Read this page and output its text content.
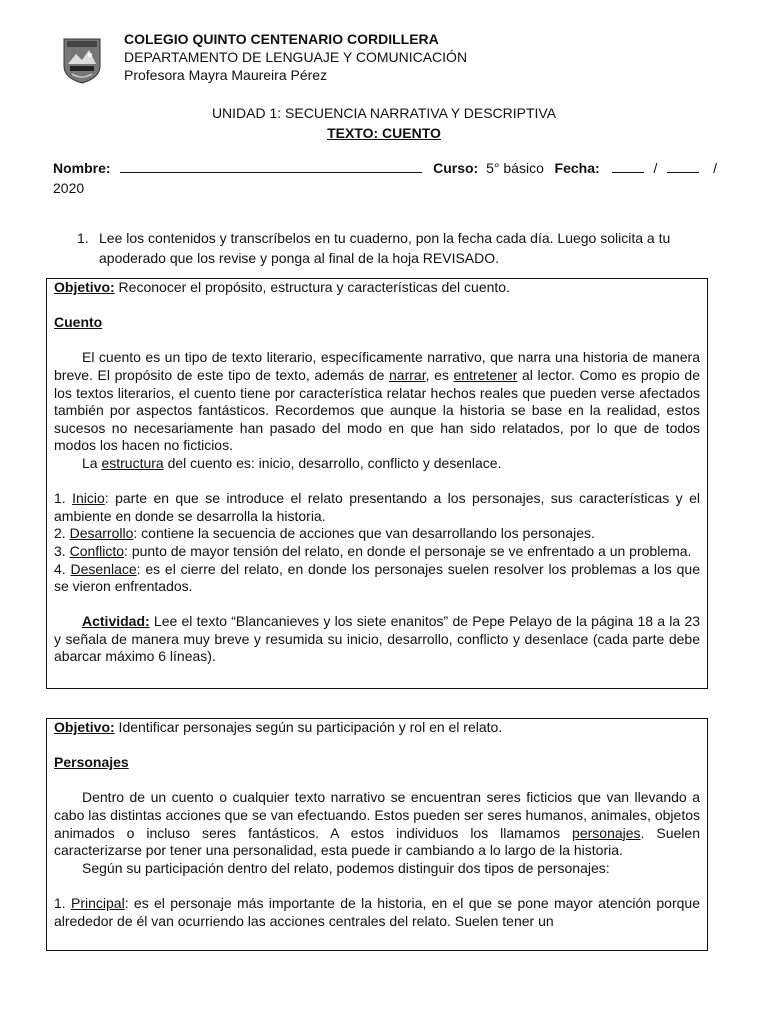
COLEGIO QUINTO CENTENARIO CORDILLERA
DEPARTAMENTO DE LENGUAJE Y COMUNICACIÓN
Profesora Mayra Maureira Pérez
UNIDAD 1: SECUENCIA NARRATIVA Y DESCRIPTIVA
TEXTO: CUENTO
Nombre:	Curso: 5° básico Fecha:	/	/
2020
1. Lee los contenidos y transcríbelos en tu cuaderno, pon la fecha cada día. Luego solicita a tu apoderado que los revise y ponga al final de la hoja REVISADO.

Objetivo: Reconocer el propósito, estructura y características del cuento.

Cuento

El cuento es un tipo de texto literario, específicamente narrativo, que narra una historia de manera breve. El propósito de este tipo de texto, además de narrar, es entretener al lector. Como es propio de los textos literarios, el cuento tiene por característica relatar hechos reales que pueden verse afectados también por aspectos fantásticos. Recordemos que aunque la historia se base en la realidad, estos sucesos no necesariamente han pasado del modo en que han sido relatados, por lo que de todos modos los hacen no ficticios.

La estructura del cuento es: inicio, desarrollo, conflicto y desenlace.

1. Inicio: parte en que se introduce el relato presentando a los personajes, sus características y el ambiente en donde se desarrolla la historia.

2. Desarrollo: contiene la secuencia de acciones que van desarrollando los personajes.

3. Conflicto: punto de mayor tensión del relato, en donde el personaje se ve enfrentado a un problema.

4. Desenlace: es el cierre del relato, en donde los personajes suelen resolver los problemas a los que se vieron enfrentados.

Actividad: Lee el texto “Blancanieves y los siete enanitos” de Pepe Pelayo de la página 18 a la 23 y señala de manera muy breve y resumida su inicio, desarrollo, conflicto y desenlace (cada parte debe abarcar máximo 6 líneas).

Objetivo: Identificar personajes según su participación y rol en el relato.

Personajes

Dentro de un cuento o cualquier texto narrativo se encuentran seres ficticios que van llevando a cabo las distintas acciones que se van efectuando. Estos pueden ser seres humanos, animales, objetos animados o incluso seres fantásticos. A estos individuos los llamamos personajes. Suelen caracterizarse por tener una personalidad, esta puede ir cambiando a lo largo de la historia.

Según su participación dentro del relato, podemos distinguir dos tipos de personajes:

1. Principal: es el personaje más importante de la historia, en el que se pone mayor atención porque alrededor de él van ocurriendo las acciones centrales del relato. Suelen tener un
